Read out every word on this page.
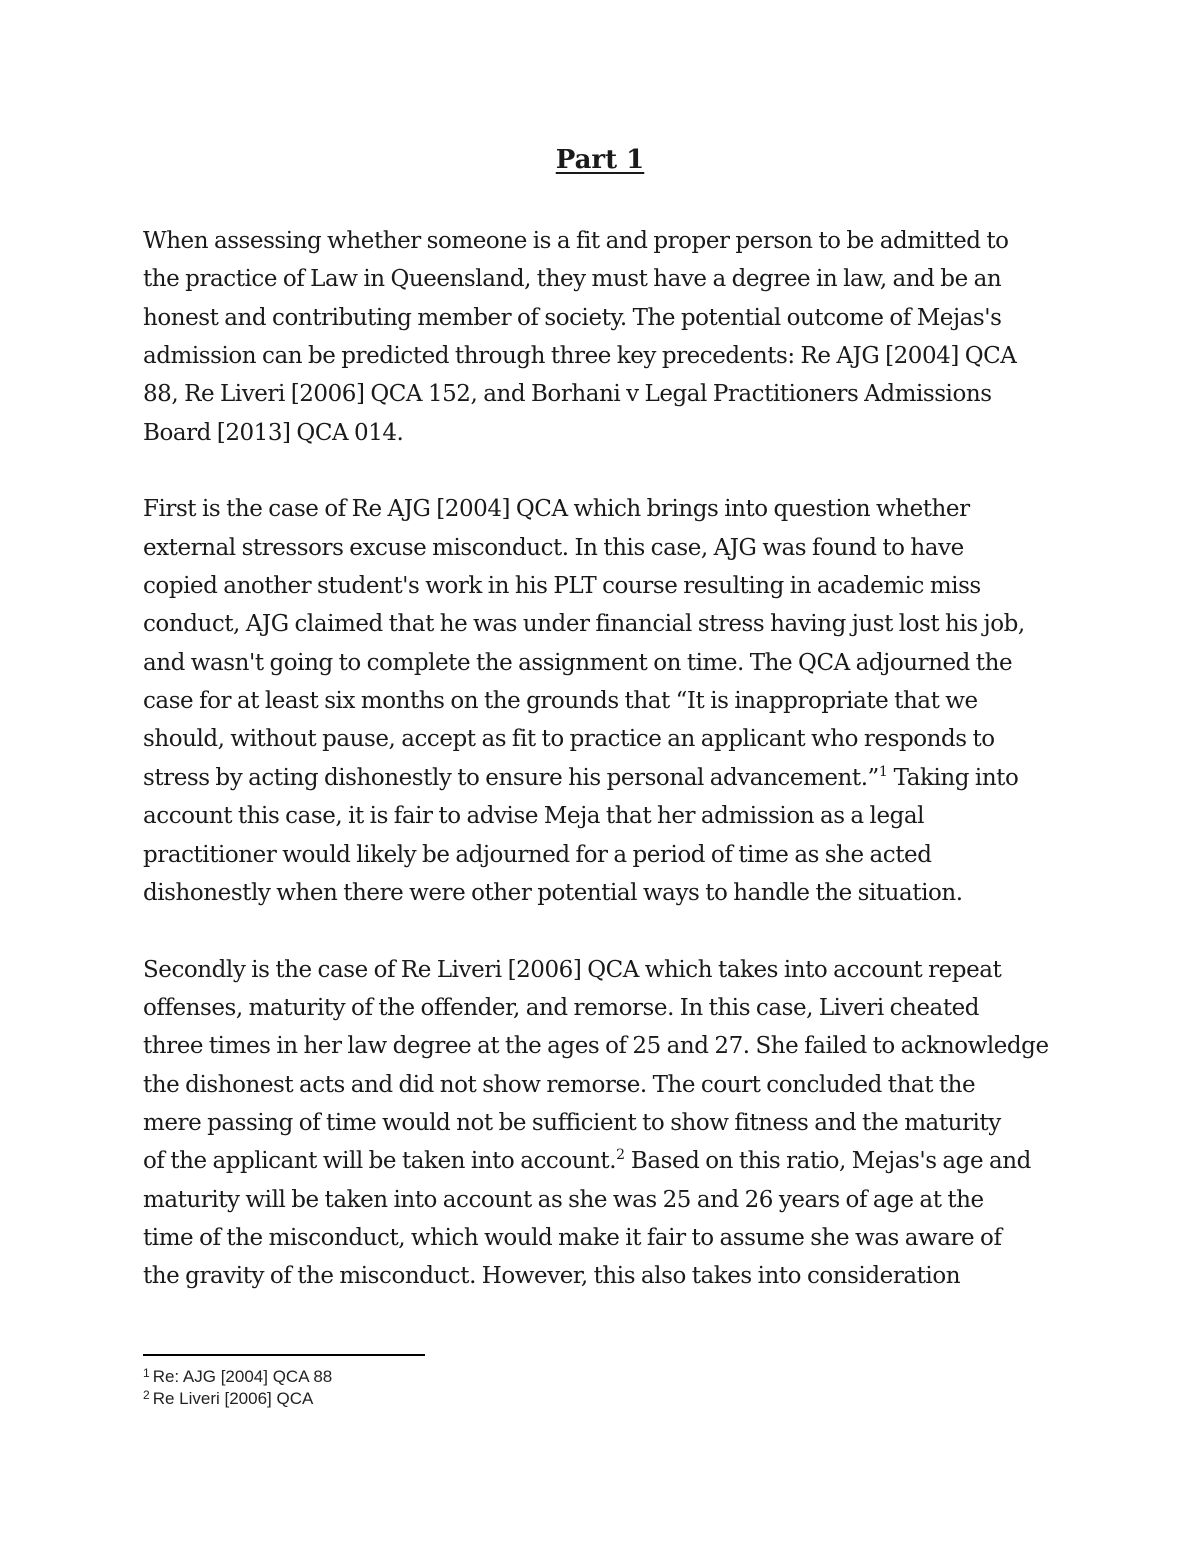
Part 1

When assessing whether someone is a fit and proper person to be admitted to
the practice of Law in Queensland, they must have a degree in law, and be an
honest and contributing member of society. The potential outcome of Mejas's
admission can be predicted through three key precedents: Re AJG [2004] QCA
88, Re Liveri [2006] QCA 152, and Borhani v Legal Practitioners Admissions
Board [2013] QCA 014.

First is the case of Re AJG [2004] QCA which brings into question whether
external stressors excuse misconduct. In this case, AJG was found to have
copied another student's work in his PLT course resulting in academic miss
conduct, AJG claimed that he was under financial stress having just lost his job,
and wasn't going to complete the assignment on time. The QCA adjourned the
case for at least six months on the grounds that “It is inappropriate that we
should, without pause, accept as fit to practice an applicant who responds to
stress by acting dishonestly to ensure his personal advancement.”$^1$ Taking into
account this case, it is fair to advise Meja that her admission as a legal
practitioner would likely be adjourned for a period of time as she acted
dishonestly when there were other potential ways to handle the situation.

Secondly is the case of Re Liveri [2006] QCA which takes into account repeat
offenses, maturity of the offender, and remorse. In this case, Liveri cheated
three times in her law degree at the ages of 25 and 27. She failed to acknowledge
the dishonest acts and did not show remorse. The court concluded that the
mere passing of time would not be sufficient to show fitness and the maturity
of the applicant will be taken into account.$^2$ Based on this ratio, Mejas's age and
maturity will be taken into account as she was 25 and 26 years of age at the
time of the misconduct, which would make it fair to assume she was aware of
the gravity of the misconduct. However, this also takes into consideration

$^1$ Re: AJG [2004] QCA 88
$^2$ Re Liveri [2006] QCA
